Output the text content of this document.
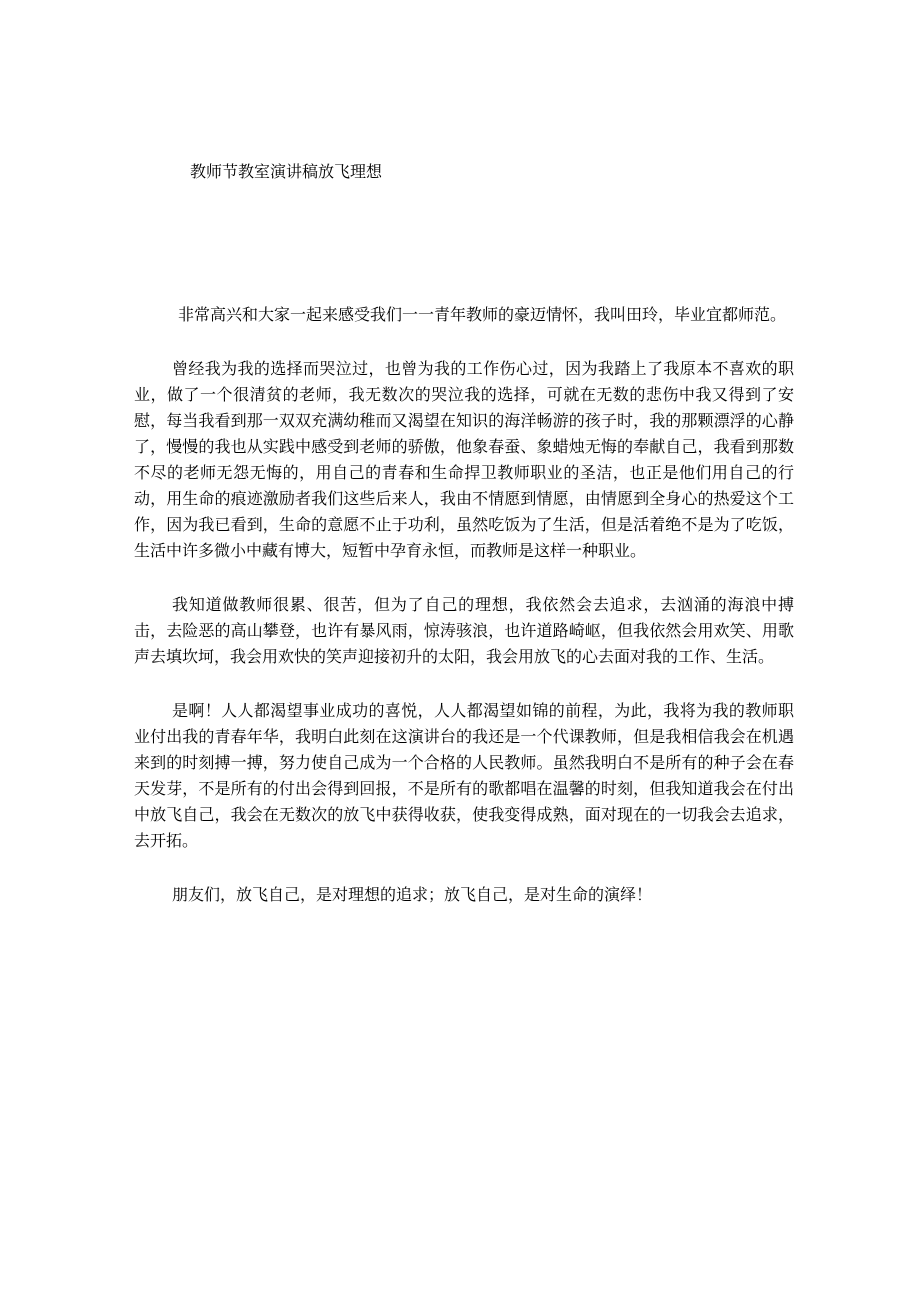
教师节教室演讲稿放飞理想

非常高兴和大家一起来感受我们一一青年教师的豪迈情怀，我叫田玲，毕业宜都师范。

曾经我为我的选择而哭泣过，也曾为我的工作伤心过，因为我踏上了我原本不喜欢的职业，做了一个很清贫的老师，我无数次的哭泣我的选择，可就在无数的悲伤中我又得到了安慰，每当我看到那一双双充满幼稚而又渴望在知识的海洋畅游的孩子时，我的那颗漂浮的心静了，慢慢的我也从实践中感受到老师的骄傲，他象春蚕、象蜡烛无悔的奉献自己，我看到那数不尽的老师无怨无悔的，用自己的青春和生命捍卫教师职业的圣洁，也正是他们用自己的行动，用生命的痕迹激励者我们这些后来人，我由不情愿到情愿，由情愿到全身心的热爱这个工作，因为我已看到，生命的意愿不止于功利，虽然吃饭为了生活，但是活着绝不是为了吃饭，生活中许多微小中藏有博大，短暂中孕育永恒，而教师是这样一种职业。

我知道做教师很累、很苦，但为了自己的理想，我依然会去追求，去汹涌的海浪中搏击，去险恶的高山攀登，也许有暴风雨，惊涛骇浪，也许道路崎岖，但我依然会用欢笑、用歌声去填坎坷，我会用欢快的笑声迎接初升的太阳，我会用放飞的心去面对我的工作、生活。

是啊！人人都渴望事业成功的喜悦，人人都渴望如锦的前程，为此，我将为我的教师职业付出我的青春年华，我明白此刻在这演讲台的我还是一个代课教师，但是我相信我会在机遇来到的时刻搏一搏，努力使自己成为一个合格的人民教师。虽然我明白不是所有的种子会在春天发芽，不是所有的付出会得到回报，不是所有的歌都唱在温馨的时刻，但我知道我会在付出中放飞自己，我会在无数次的放飞中获得收获，使我变得成熟，面对现在的一切我会去追求，去开拓。

朋友们，放飞自己，是对理想的追求；放飞自己，是对生命的演绎！
